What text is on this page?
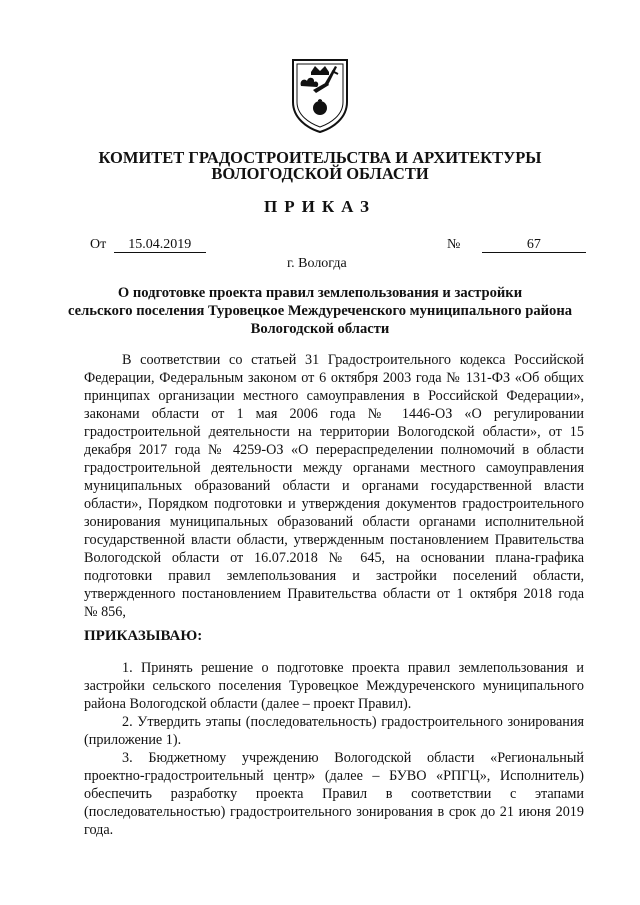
КОМИТЕТ ГРАДОСТРОИТЕЛЬСТВА И АРХИТЕКТУРЫ
ВОЛОГОДСКОЙ ОБЛАСТИ
ПРИКАЗ
От 15.04.2019	№	67
г. Вологда
О подготовке проекта правил землепользования и застройки
сельского поселения Туровецкое Междуреченского муниципального района
Вологодской области
В соответствии со статьей 31 Градостроительного кодекса Российской
Федерации, Федеральным законом от 6 октября 2003 года № 131-ФЗ «Об общих
принципах организации местного самоуправления в Российской Федерации»,
законами области от 1 мая 2006 года № 1446-ОЗ «О регулировании
градостроительной деятельности на территории Вологодской области», от 15
декабря 2017 года № 4259-ОЗ «О перераспределении полномочий в области
градостроительной деятельности между органами местного самоуправления
муниципальных образований области и органами государственной власти
области», Порядком подготовки и утверждения документов градостроительного
зонирования муниципальных образований области органами исполнительной
государственной власти области, утвержденным постановлением Правительства
Вологодской области от 16.07.2018 № 645, на основании плана-графика
подготовки правил землепользования и застройки поселений области,
утвержденного постановлением Правительства области от 1 октября 2018 года
№ 856,
ПРИКАЗЫВАЮ:
1. Принять решение о подготовке проекта правил землепользования и
застройки сельского поселения Туровецкое Междуреченского муниципального
района Вологодской области (далее – проект Правил).
2. Утвердить этапы (последовательность) градостроительного зонирования
(приложение 1).
3. Бюджетному учреждению Вологодской области «Региональный
проектно-градостроительный центр» (далее – БУВО «РПГЦ», Исполнитель)
обеспечить разработку проекта Правил в соответствии с этапами
(последовательностью) градостроительного зонирования в срок до 21 июня 2019
года.
